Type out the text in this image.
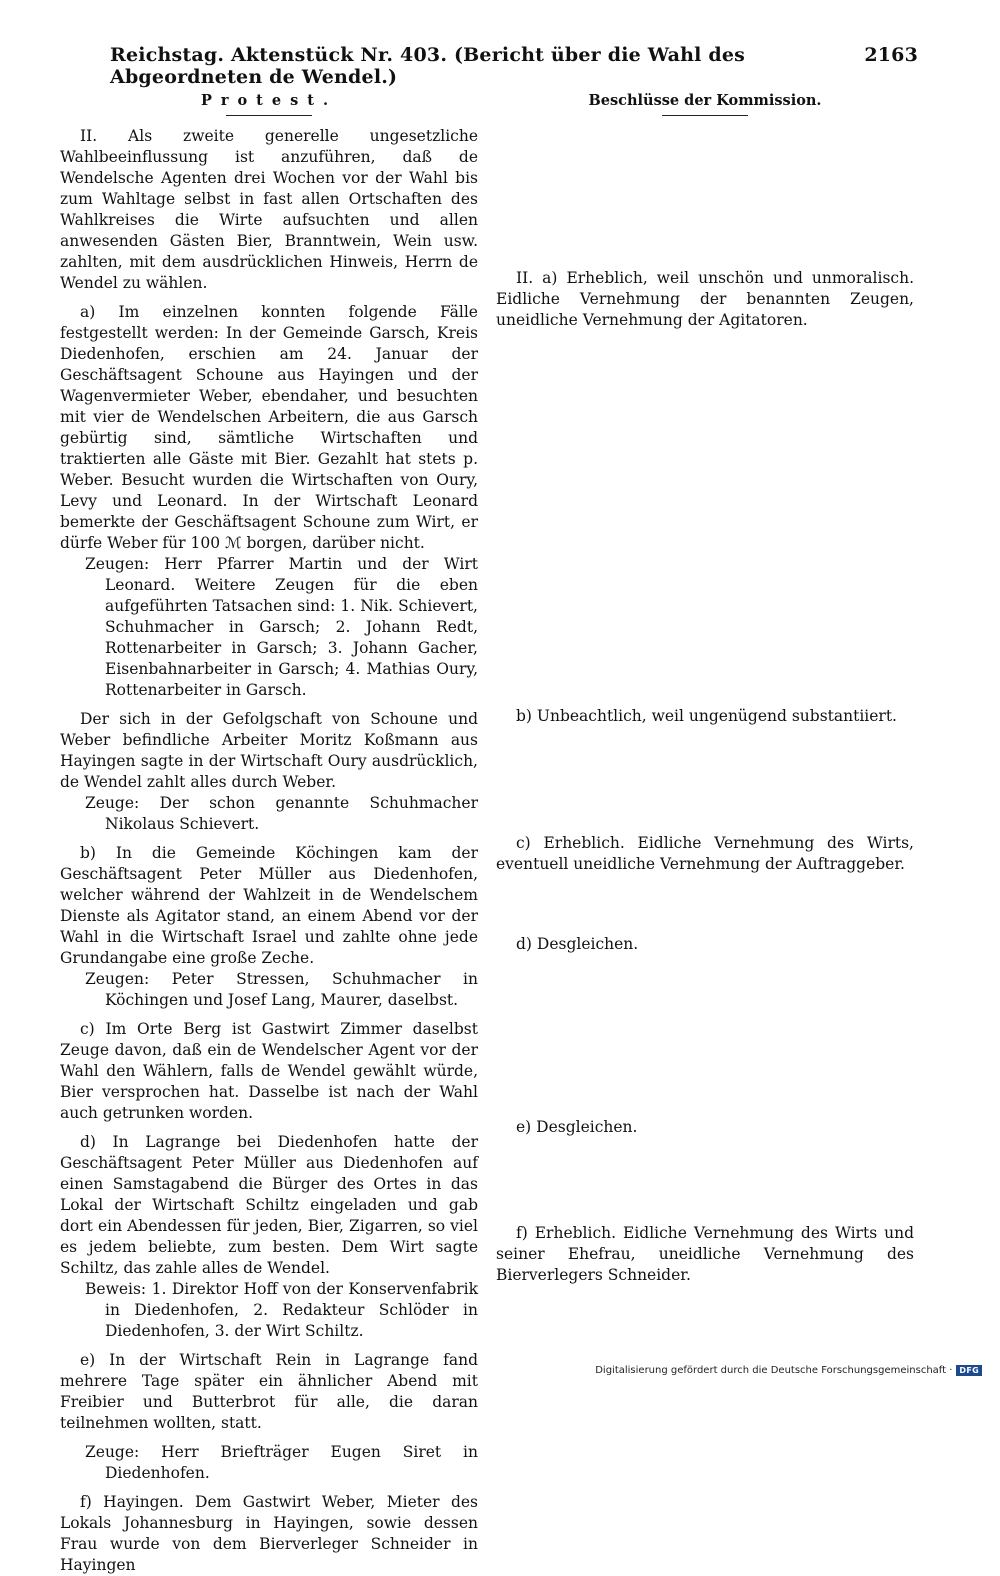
Reichstag. Aktenstück Nr. 403. (Bericht über die Wahl des Abgeordneten de Wendel.)
2163
Protest.

II. Als zweite generelle ungesetzliche Wahlbeeinflussung ist anzuführen, daß de Wendelsche Agenten drei Wochen vor der Wahl bis zum Wahltage selbst in fast allen Ortschaften des Wahlkreises die Wirte aufsuchten und allen anwesenden Gästen Bier, Branntwein, Wein usw. zahlten, mit dem ausdrücklichen Hinweis, Herrn de Wendel zu wählen.

a) Im einzelnen konnten folgende Fälle festgestellt werden: In der Gemeinde Garsch, Kreis Diedenhofen, erschien am 24. Januar der Geschäftsagent Schoune aus Hayingen und der Wagenvermieter Weber, ebendaher, und besuchten mit vier de Wendelschen Arbeitern, die aus Garsch gebürtig sind, sämtliche Wirtschaften und traktierten alle Gäste mit Bier. Gezahlt hat stets p. Weber. Besucht wurden die Wirtschaften von Oury, Levy und Leonard. In der Wirtschaft Leonard bemerkte der Geschäftsagent Schoune zum Wirt, er dürfe Weber für 100 ℳ borgen, darüber nicht.

Zeugen: Herr Pfarrer Martin und der Wirt Leonard. Weitere Zeugen für die eben aufgeführten Tatsachen sind: 1. Nik. Schievert, Schuhmacher in Garsch; 2. Johann Redt, Rottenarbeiter in Garsch; 3. Johann Gacher, Eisenbahnarbeiter in Garsch; 4. Mathias Oury, Rottenarbeiter in Garsch.

Der sich in der Gefolgschaft von Schoune und Weber befindliche Arbeiter Moritz Koßmann aus Hayingen sagte in der Wirtschaft Oury ausdrücklich, de Wendel zahlt alles durch Weber.

Zeuge: Der schon genannte Schuhmacher Nikolaus Schievert.

b) In die Gemeinde Köchingen kam der Geschäftsagent Peter Müller aus Diedenhofen, welcher während der Wahlzeit in de Wendelschem Dienste als Agitator stand, an einem Abend vor der Wahl in die Wirtschaft Israel und zahlte ohne jede Grundangabe eine große Zeche.

Zeugen: Peter Stressen, Schuhmacher in Köchingen und Josef Lang, Maurer, daselbst.

c) Im Orte Berg ist Gastwirt Zimmer daselbst Zeuge davon, daß ein de Wendelscher Agent vor der Wahl den Wählern, falls de Wendel gewählt würde, Bier versprochen hat. Dasselbe ist nach der Wahl auch getrunken worden.

d) In Lagrange bei Diedenhofen hatte der Geschäftsagent Peter Müller aus Diedenhofen auf einen Samstagabend die Bürger des Ortes in das Lokal der Wirtschaft Schiltz eingeladen und gab dort ein Abendessen für jeden, Bier, Zigarren, so viel es jedem beliebte, zum besten. Dem Wirt sagte Schiltz, das zahle alles de Wendel.

Beweis: 1. Direktor Hoff von der Konservenfabrik in Diedenhofen, 2. Redakteur Schlöder in Diedenhofen, 3. der Wirt Schiltz.

e) In der Wirtschaft Rein in Lagrange fand mehrere Tage später ein ähnlicher Abend mit Freibier und Butterbrot für alle, die daran teilnehmen wollten, statt.

Zeuge: Herr Briefträger Eugen Siret in Diedenhofen.

f) Hayingen. Dem Gastwirt Weber, Mieter des Lokals Johannesburg in Hayingen, sowie dessen Frau wurde von dem Bierverleger Schneider in Hayingen

Beschlüsse der Kommission.

II. a) Erheblich, weil unschön und unmoralisch. Eidliche Vernehmung der benannten Zeugen, uneidliche Vernehmung der Agitatoren.

b) Unbeachtlich, weil ungenügend substantiiert.

c) Erheblich. Eidliche Vernehmung des Wirts, eventuell uneidliche Vernehmung der Auftraggeber.

d) Desgleichen.

e) Desgleichen.

f) Erheblich. Eidliche Vernehmung des Wirts und seiner Ehefrau, uneidliche Vernehmung des Bierverlegers Schneider.

Digitalisierung gefördert durch die Deutsche Forschungsgemeinschaft · DFG
